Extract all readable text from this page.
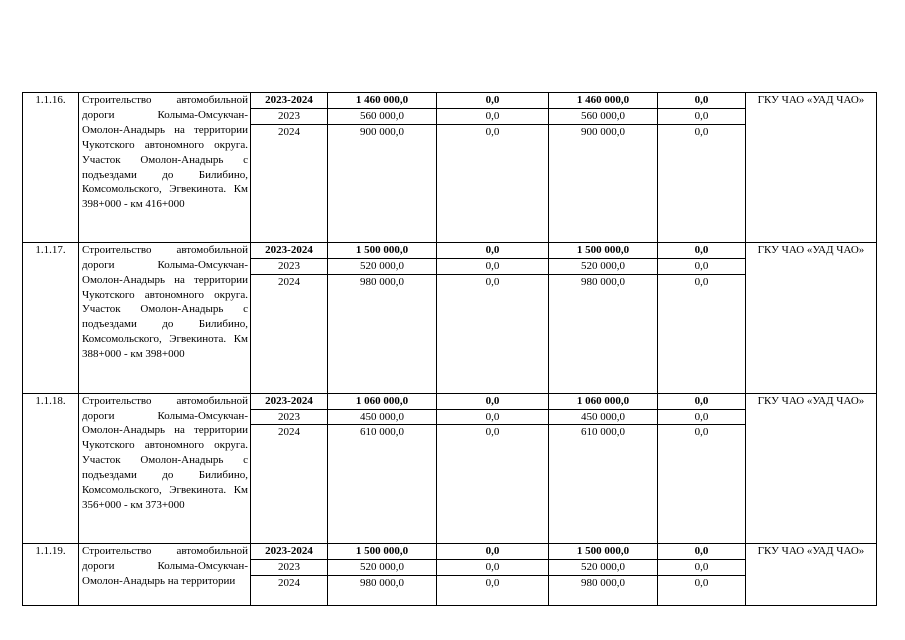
1.1.16.	Строительство автомобильной дороги Колыма-Омсукчан-Омолон-Анадырь на территории Чукотского автономного округа. Участок Омолон-Анадырь с подъездами до Билибино, Комсомольского, Эгвекинота. Км 398+000 - км 416+000	2023-2024	1 460 000,0	0,0	1 460 000,0	0,0	ГКУ ЧАО «УАД ЧАО»
		2023	560 000,0	0,0	560 000,0	0,0	
		2024	900 000,0	0,0	900 000,0	0,0	
1.1.17.	Строительство автомобильной дороги Колыма-Омсукчан-Омолон-Анадырь на территории Чукотского автономного округа. Участок Омолон-Анадырь с подъездами до Билибино, Комсомольского, Эгвекинота. Км 388+000 - км 398+000	2023-2024	1 500 000,0	0,0	1 500 000,0	0,0	ГКУ ЧАО «УАД ЧАО»
		2023	520 000,0	0,0	520 000,0	0,0	
		2024	980 000,0	0,0	980 000,0	0,0	
1.1.18.	Строительство автомобильной дороги Колыма-Омсукчан-Омолон-Анадырь на территории Чукотского автономного округа. Участок Омолон-Анадырь с подъездами до Билибино, Комсомольского, Эгвекинота. Км 356+000 - км 373+000	2023-2024	1 060 000,0	0,0	1 060 000,0	0,0	ГКУ ЧАО «УАД ЧАО»
		2023	450 000,0	0,0	450 000,0	0,0	
		2024	610 000,0	0,0	610 000,0	0,0	
1.1.19.	Строительство автомобильной дороги Колыма-Омсукчан-Омолон-Анадырь на территории	2023-2024	1 500 000,0	0,0	1 500 000,0	0,0	ГКУ ЧАО «УАД ЧАО»
		2023	520 000,0	0,0	520 000,0	0,0	
		2024	980 000,0	0,0	980 000,0	0,0	
